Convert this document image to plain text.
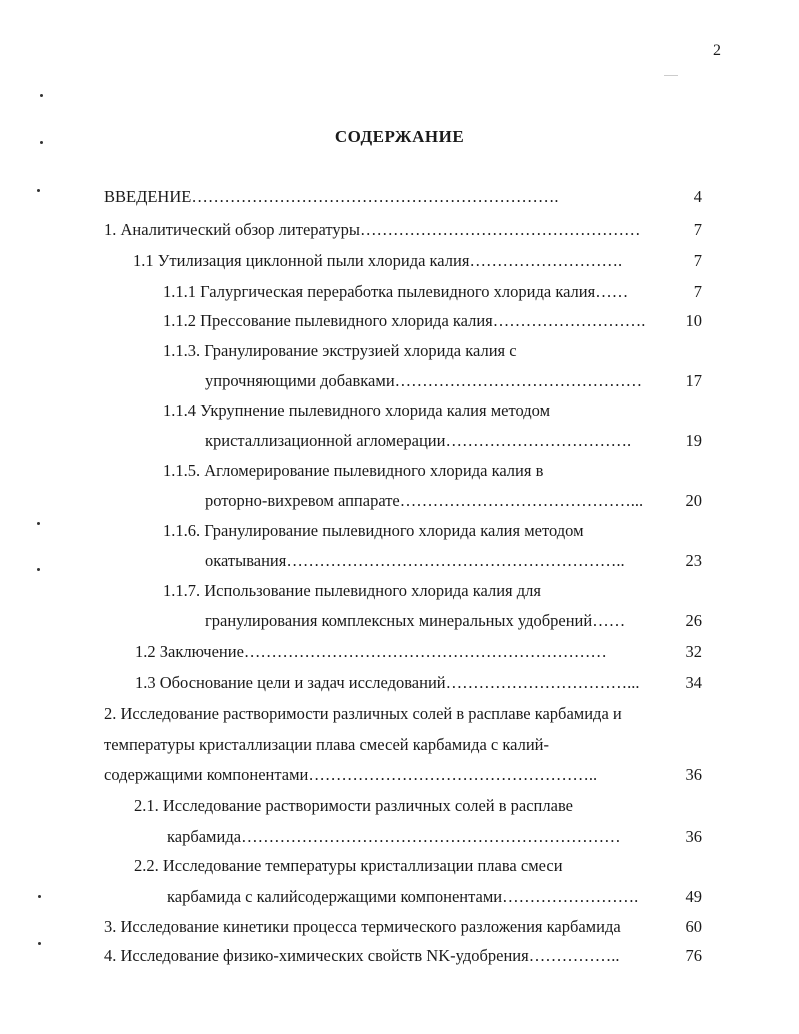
2
СОДЕРЖАНИЕ
ВВЕДЕНИЕ………………………………………………………….	4
1. Аналитический обзор литературы……………………………………………	7
1.1 Утилизация циклонной пыли хлорида калия……………………….	7
1.1.1 Галургическая переработка пылевидного хлорида калия……	7
1.1.2 Прессование пылевидного хлорида калия………………………. 10
1.1.3. Гранулирование экструзией хлорида калия с
упрочняющими добавками………………………………………	17
1.1.4 Укрупнение пылевидного хлорида калия методом
кристаллизационной агломерации…………………………….	19
1.1.5. Агломерирование пылевидного хлорида калия в
роторно-вихревом аппарате……………………………………...	20
1.1.6. Гранулирование пылевидного хлорида калия методом
окатывания……………………………………………………..	23
1.1.7. Использование пылевидного хлорида калия для
гранулирования комплексных минеральных удобрений……	26
1.2 Заключение…………………………………………………………	32
1.3 Обоснование цели и задач исследований……………………………...	34
2. Исследование растворимости различных солей в расплаве карбамида и
температуры кристаллизации плава смесей карбамида с калий-
содержащими компонентами……………………………………………..	36
2.1. Исследование растворимости различных солей в расплаве
карбамида……………………………………………………………	36
2.2. Исследование температуры кристаллизации плава смеси
карбамида с калийсодержащими компонентами…………………….	49
3. Исследование кинетики процесса термического разложения карбамида	60
4. Исследование физико-химических свойств NK-удобрения……………..	76
